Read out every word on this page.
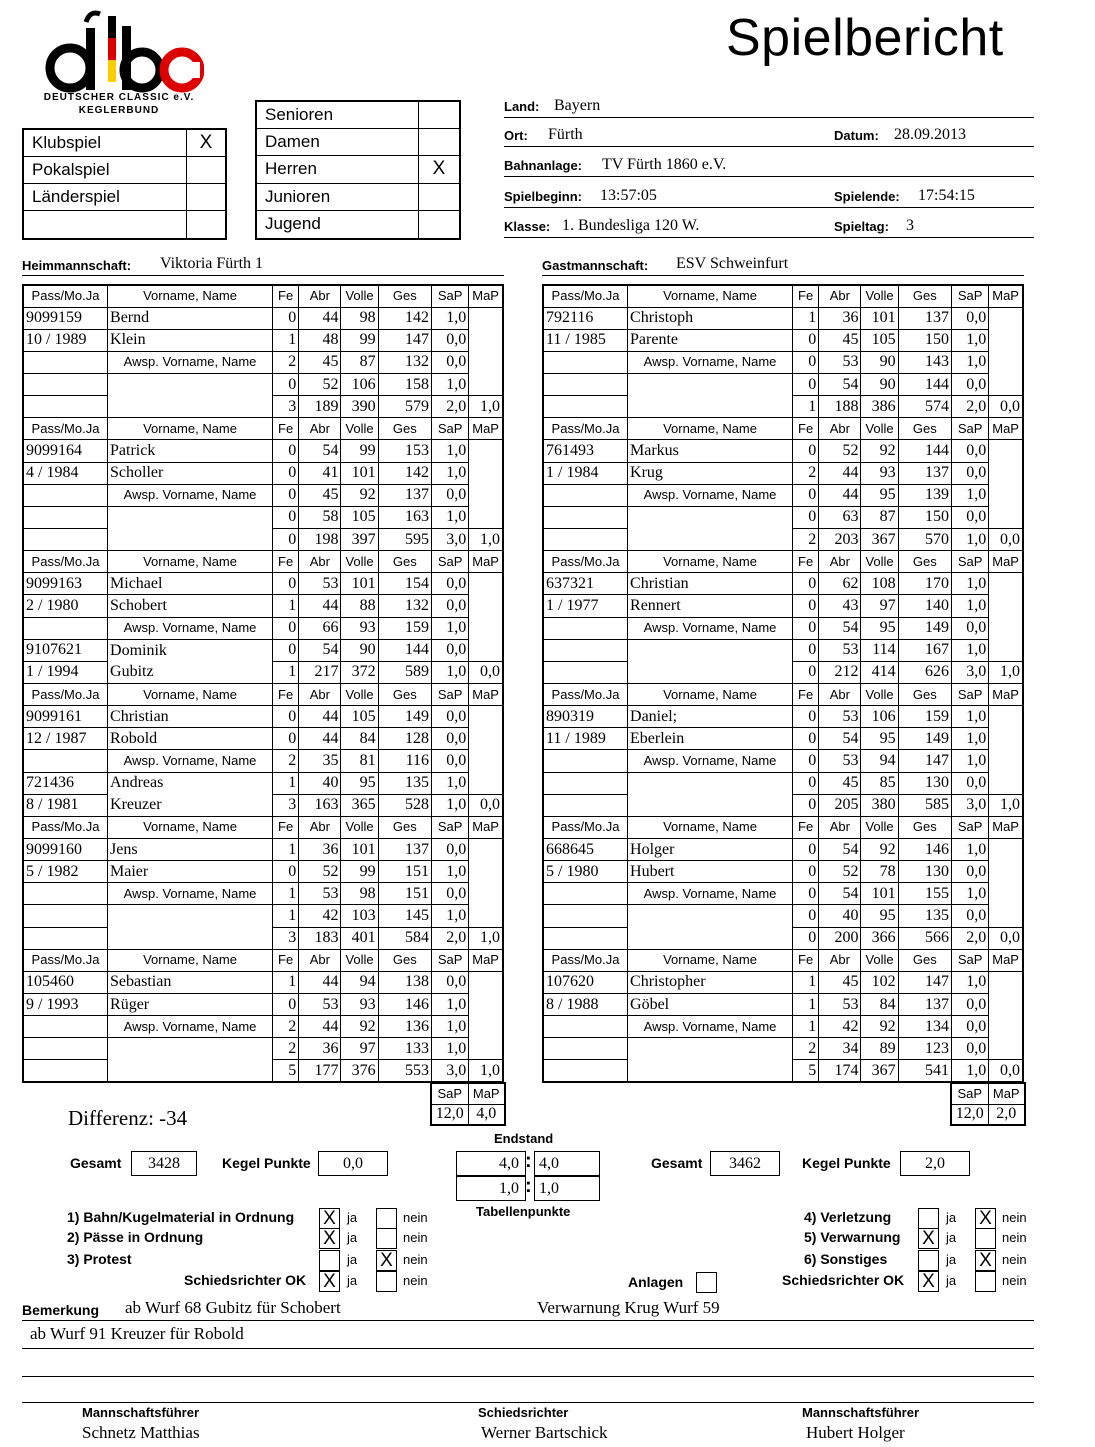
DEUTSCHER CLASSIC e.V.
KEGLERBUND
Spielbericht
Klubspiel	X
Pokalspiel
Länderspiel
Senioren
Damen
Herren	X
Junioren
Jugend
Land: Bayern
Ort: Fürth	Datum: 28.09.2013
Bahnanlage: TV Fürth 1860 e.V.
Spielbeginn: 13:57:05	Spielende: 17:54:15
Klasse: 1. Bundesliga 120 W.	Spieltag: 3
Heimmannschaft: Viktoria Fürth 1	Gastmannschaft: ESV Schweinfurt
Pass/Mo.Ja	Vorname, Name	Fe	Abr	Volle	Ges	SaP	MaP
9099159	Bernd	0	44	98	142	1,0	
10 / 1989	Klein	1	48	99	147	0,0	
	Awsp. Vorname, Name	2	45	87	132	0,0	
		0	52	106	158	1,0	
		3	189	390	579	2,0	1,0
Pass/Mo.Ja	Vorname, Name	Fe	Abr	Volle	Ges	SaP	MaP
9099164	Patrick	0	54	99	153	1,0	
4 / 1984	Scholler	0	41	101	142	1,0	
	Awsp. Vorname, Name	0	45	92	137	0,0	
		0	58	105	163	1,0	
		0	198	397	595	3,0	1,0
Pass/Mo.Ja	Vorname, Name	Fe	Abr	Volle	Ges	SaP	MaP
9099163	Michael	0	53	101	154	0,0	
2 / 1980	Schobert	1	44	88	132	0,0	
	Awsp. Vorname, Name	0	66	93	159	1,0	
9107621	Dominik	0	54	90	144	0,0	
1 / 1994	Gubitz	1	217	372	589	1,0	0,0
Pass/Mo.Ja	Vorname, Name	Fe	Abr	Volle	Ges	SaP	MaP
9099161	Christian	0	44	105	149	0,0	
12 / 1987	Robold	0	44	84	128	0,0	
	Awsp. Vorname, Name	2	35	81	116	0,0	
721436	Andreas	1	40	95	135	1,0	
8 / 1981	Kreuzer	3	163	365	528	1,0	0,0
Pass/Mo.Ja	Vorname, Name	Fe	Abr	Volle	Ges	SaP	MaP
9099160	Jens	1	36	101	137	0,0	
5 / 1982	Maier	0	52	99	151	1,0	
	Awsp. Vorname, Name	1	53	98	151	0,0	
		1	42	103	145	1,0	
		3	183	401	584	2,0	1,0
Pass/Mo.Ja	Vorname, Name	Fe	Abr	Volle	Ges	SaP	MaP
105460	Sebastian	1	44	94	138	0,0	
9 / 1993	Rüger	0	53	93	146	1,0	
	Awsp. Vorname, Name	2	44	92	136	1,0	
		2	36	97	133	1,0	
		5	177	376	553	3,0	1,0
Pass/Mo.Ja	Vorname, Name	Fe	Abr	Volle	Ges	SaP	MaP
792116	Christoph	1	36	101	137	0,0	
11 / 1985	Parente	0	45	105	150	1,0	
	Awsp. Vorname, Name	0	53	90	143	1,0	
		0	54	90	144	0,0	
		1	188	386	574	2,0	0,0
Pass/Mo.Ja	Vorname, Name	Fe	Abr	Volle	Ges	SaP	MaP
761493	Markus	0	52	92	144	0,0	
1 / 1984	Krug	2	44	93	137	0,0	
	Awsp. Vorname, Name	0	44	95	139	1,0	
		0	63	87	150	0,0	
		2	203	367	570	1,0	0,0
Pass/Mo.Ja	Vorname, Name	Fe	Abr	Volle	Ges	SaP	MaP
637321	Christian	0	62	108	170	1,0	
1 / 1977	Rennert	0	43	97	140	1,0	
	Awsp. Vorname, Name	0	54	95	149	0,0	
		0	53	114	167	1,0	
		0	212	414	626	3,0	1,0
Pass/Mo.Ja	Vorname, Name	Fe	Abr	Volle	Ges	SaP	MaP
890319	Daniel;	0	53	106	159	1,0	
11 / 1989	Eberlein	0	54	95	149	1,0	
	Awsp. Vorname, Name	0	53	94	147	1,0	
		0	45	85	130	0,0	
		0	205	380	585	3,0	1,0
Pass/Mo.Ja	Vorname, Name	Fe	Abr	Volle	Ges	SaP	MaP
668645	Holger	0	54	92	146	1,0	
5 / 1980	Hubert	0	52	78	130	0,0	
	Awsp. Vorname, Name	0	54	101	155	1,0	
		0	40	95	135	0,0	
		0	200	366	566	2,0	0,0
Pass/Mo.Ja	Vorname, Name	Fe	Abr	Volle	Ges	SaP	MaP
107620	Christopher	1	45	102	147	1,0	
8 / 1988	Göbel	1	53	84	137	0,0	
	Awsp. Vorname, Name	1	42	92	134	0,0	
		2	34	89	123	0,0	
		5	174	367	541	1,0	0,0
SaP	MaP
12,0	4,0
SaP	MaP
12,0	2,0
Differenz: -34
Endstand
4,0 : 4,0
1,0 : 1,0
Tabellenpunkte
Gesamt	3428	Kegel Punkte	0,0	Gesamt	3462	Kegel Punkte	2,0
1) Bahn/Kugelmaterial in Ordnung X ja	nein
2) Pässe in Ordnung	X ja	nein
3) Protest	ja X nein
Schiedsrichter OK X ja	nein
4) Verletzung	ja X nein
5) Verwarnung X ja	nein
6) Sonstiges	ja X nein
Schiedsrichter OK X ja	nein
Anlagen
Bemerkung ab Wurf 68 Gubitz für Schobert	Verwarnung Krug Wurf 59
ab Wurf 91 Kreuzer für Robold
Mannschaftsführer
Schnetz Matthias
Schiedsrichter
Werner Bartschick
Mannschaftsführer
Hubert Holger
